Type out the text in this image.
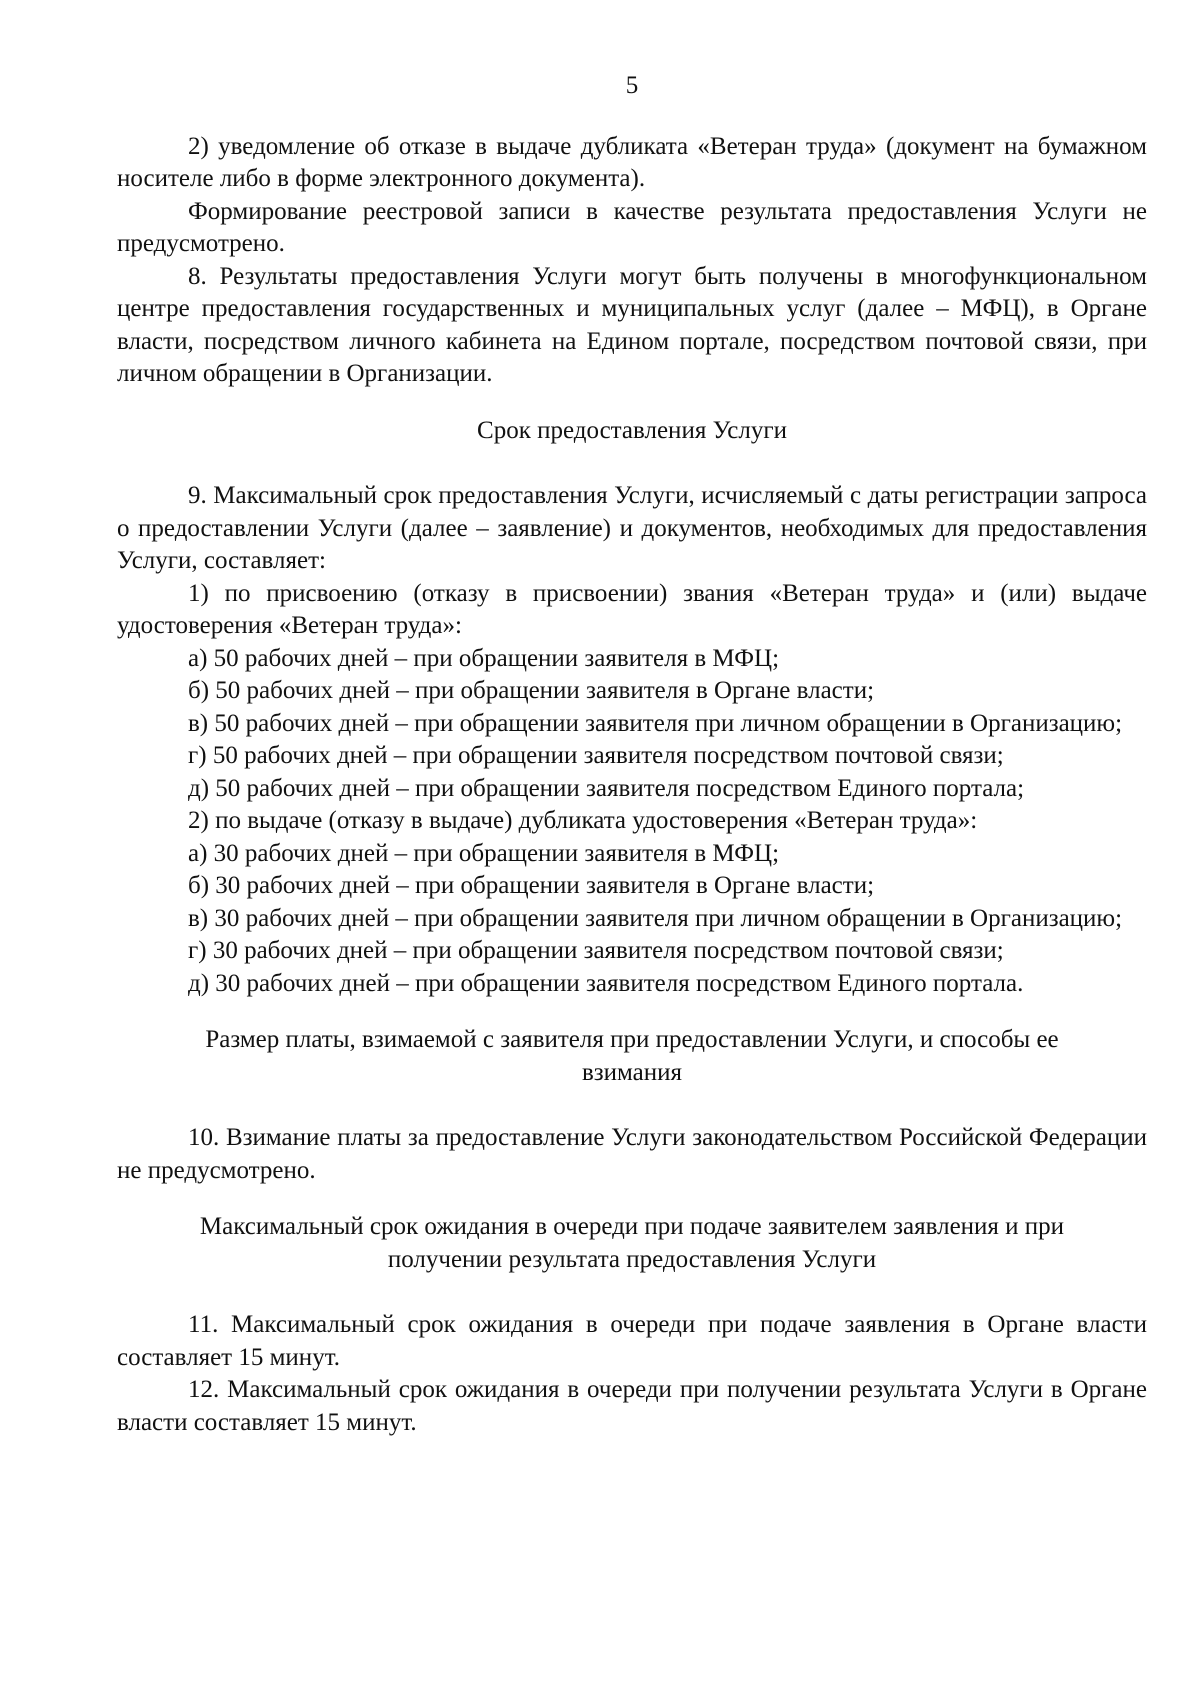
5

2) уведомление об отказе в выдаче дубликата «Ветеран труда» (документ на бумажном носителе либо в форме электронного документа).

Формирование реестровой записи в качестве результата предоставления Услуги не предусмотрено.

8. Результаты предоставления Услуги могут быть получены в многофункциональном центре предоставления государственных и муниципальных услуг (далее – МФЦ), в Органе власти, посредством личного кабинета на Едином портале, посредством почтовой связи, при личном обращении в Организации.

Срок предоставления Услуги

9. Максимальный срок предоставления Услуги, исчисляемый с даты регистрации запроса о предоставлении Услуги (далее – заявление) и документов, необходимых для предоставления Услуги, составляет:

1) по присвоению (отказу в присвоении) звания «Ветеран труда» и (или) выдаче удостоверения «Ветеран труда»:

а) 50 рабочих дней – при обращении заявителя в МФЦ;

б) 50 рабочих дней – при обращении заявителя в Органе власти;

в) 50 рабочих дней – при обращении заявителя при личном обращении в Организацию;

г) 50 рабочих дней – при обращении заявителя посредством почтовой связи;

д) 50 рабочих дней – при обращении заявителя посредством Единого портала;

2) по выдаче (отказу в выдаче) дубликата удостоверения «Ветеран труда»:

а) 30 рабочих дней – при обращении заявителя в МФЦ;

б) 30 рабочих дней – при обращении заявителя в Органе власти;

в) 30 рабочих дней – при обращении заявителя при личном обращении в Организацию;

г) 30 рабочих дней – при обращении заявителя посредством почтовой связи;

д) 30 рабочих дней – при обращении заявителя посредством Единого портала.

Размер платы, взимаемой с заявителя при предоставлении Услуги, и способы ее
взимания

10. Взимание платы за предоставление Услуги законодательством Российской Федерации не предусмотрено.

Максимальный срок ожидания в очереди при подаче заявителем заявления и при
получении результата предоставления Услуги

11. Максимальный срок ожидания в очереди при подаче заявления в Органе власти составляет 15 минут.

12. Максимальный срок ожидания в очереди при получении результата Услуги в Органе власти составляет 15 минут.
